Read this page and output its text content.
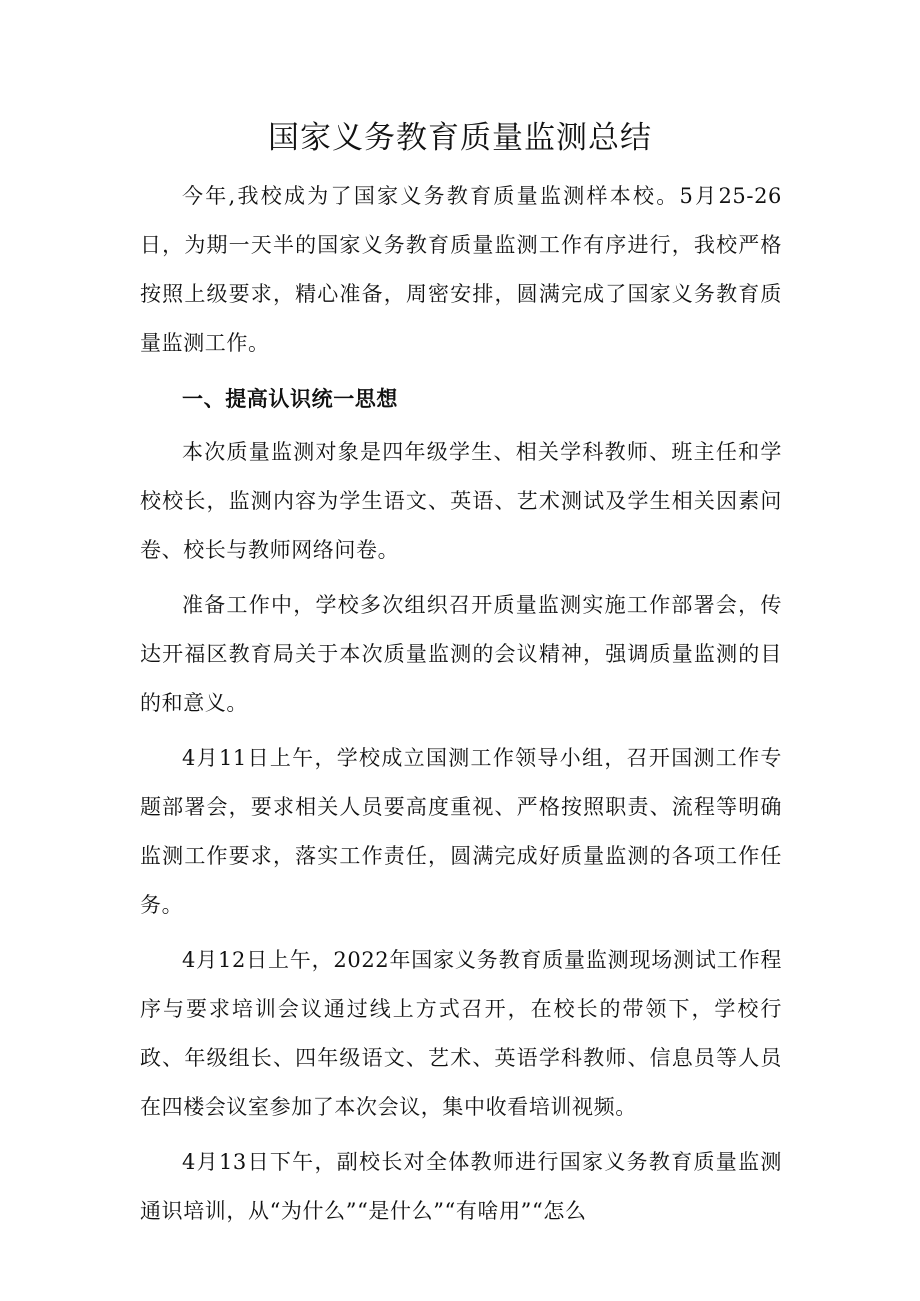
国家义务教育质量监测总结

今年,我校成为了国家义务教育质量监测样本校。5月25-26日，为期一天半的国家义务教育质量监测工作有序进行，我校严格按照上级要求，精心准备，周密安排，圆满完成了国家义务教育质量监测工作。

一、提高认识统一思想

本次质量监测对象是四年级学生、相关学科教师、班主任和学校校长，监测内容为学生语文、英语、艺术测试及学生相关因素问卷、校长与教师网络问卷。

准备工作中，学校多次组织召开质量监测实施工作部署会，传达开福区教育局关于本次质量监测的会议精神，强调质量监测的目的和意义。

4月11日上午，学校成立国测工作领导小组，召开国测工作专题部署会，要求相关人员要高度重视、严格按照职责、流程等明确监测工作要求，落实工作责任，圆满完成好质量监测的各项工作任务。

4月12日上午，2022年国家义务教育质量监测现场测试工作程序与要求培训会议通过线上方式召开，在校长的带领下，学校行政、年级组长、四年级语文、艺术、英语学科教师、信息员等人员在四楼会议室参加了本次会议，集中收看培训视频。

4月13日下午，副校长对全体教师进行国家义务教育质量监测通识培训，从“为什么”“是什么”“有啥用”“怎么
